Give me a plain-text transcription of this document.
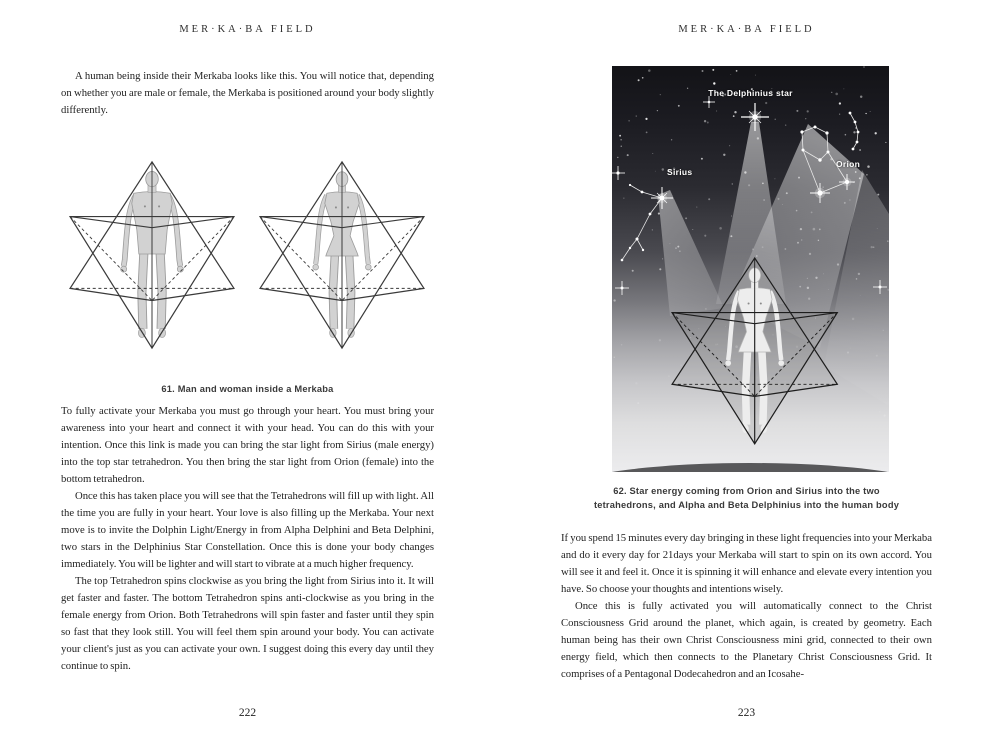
MER·KA·BA FIELD

A human being inside their Merkaba looks like this. You will notice that, depending on whether you are male or female, the Merkaba is positioned around your body slightly differently.

61. Man and woman inside a Merkaba

To fully activate your Merkaba you must go through your heart. You must bring your awareness into your heart and connect it with your head. You can do this with your intention. Once this link is made you can bring the star light from Sirius (male energy) into the top star tetrahedron. You then bring the star light from Orion (female) into the bottom tetrahedron.

Once this has taken place you will see that the Tetrahedrons will fill up with light. All the time you are fully in your heart. Your love is also filling up the Merkaba. Your next move is to invite the Dolphin Light/Energy in from Alpha Delphini and Beta Delphini, two stars in the Delphinius Star Constellation. Once this is done your body changes immediately. You will be lighter and will start to vibrate at a much higher frequency.

The top Tetrahedron spins clockwise as you bring the light from Sirius into it. It will get faster and faster. The bottom Tetrahedron spins anti-clockwise as you bring in the female energy from Orion. Both Tetrahedrons will spin faster and faster until they spin so fast that they look still. You will feel them spin around your body. You can activate your client's just as you can activate your own. I suggest doing this every day until they continue to spin.

222
MER·KA·BA FIELD
The Delphinius star
Sirius
Orion
62. Star energy coming from Orion and Sirius into the two
tetrahedrons, and Alpha and Beta Delphinius into the human body

If you spend 15 minutes every day bringing in these light frequencies into your Merkaba and do it every day for 21days your Merkaba will start to spin on its own accord. You will see it and feel it. Once it is spinning it will enhance and elevate every intention you have. So choose your thoughts and intentions wisely.

Once this is fully activated you will automatically connect to the Christ Consciousness Grid around the planet, which again, is created by geometry. Each human being has their own Christ Consciousness mini grid, connected to their own energy field, which then connects to the Planetary Christ Consciousness Grid. It comprises of a Pentagonal Dodecahedron and an Icosahe-

223
